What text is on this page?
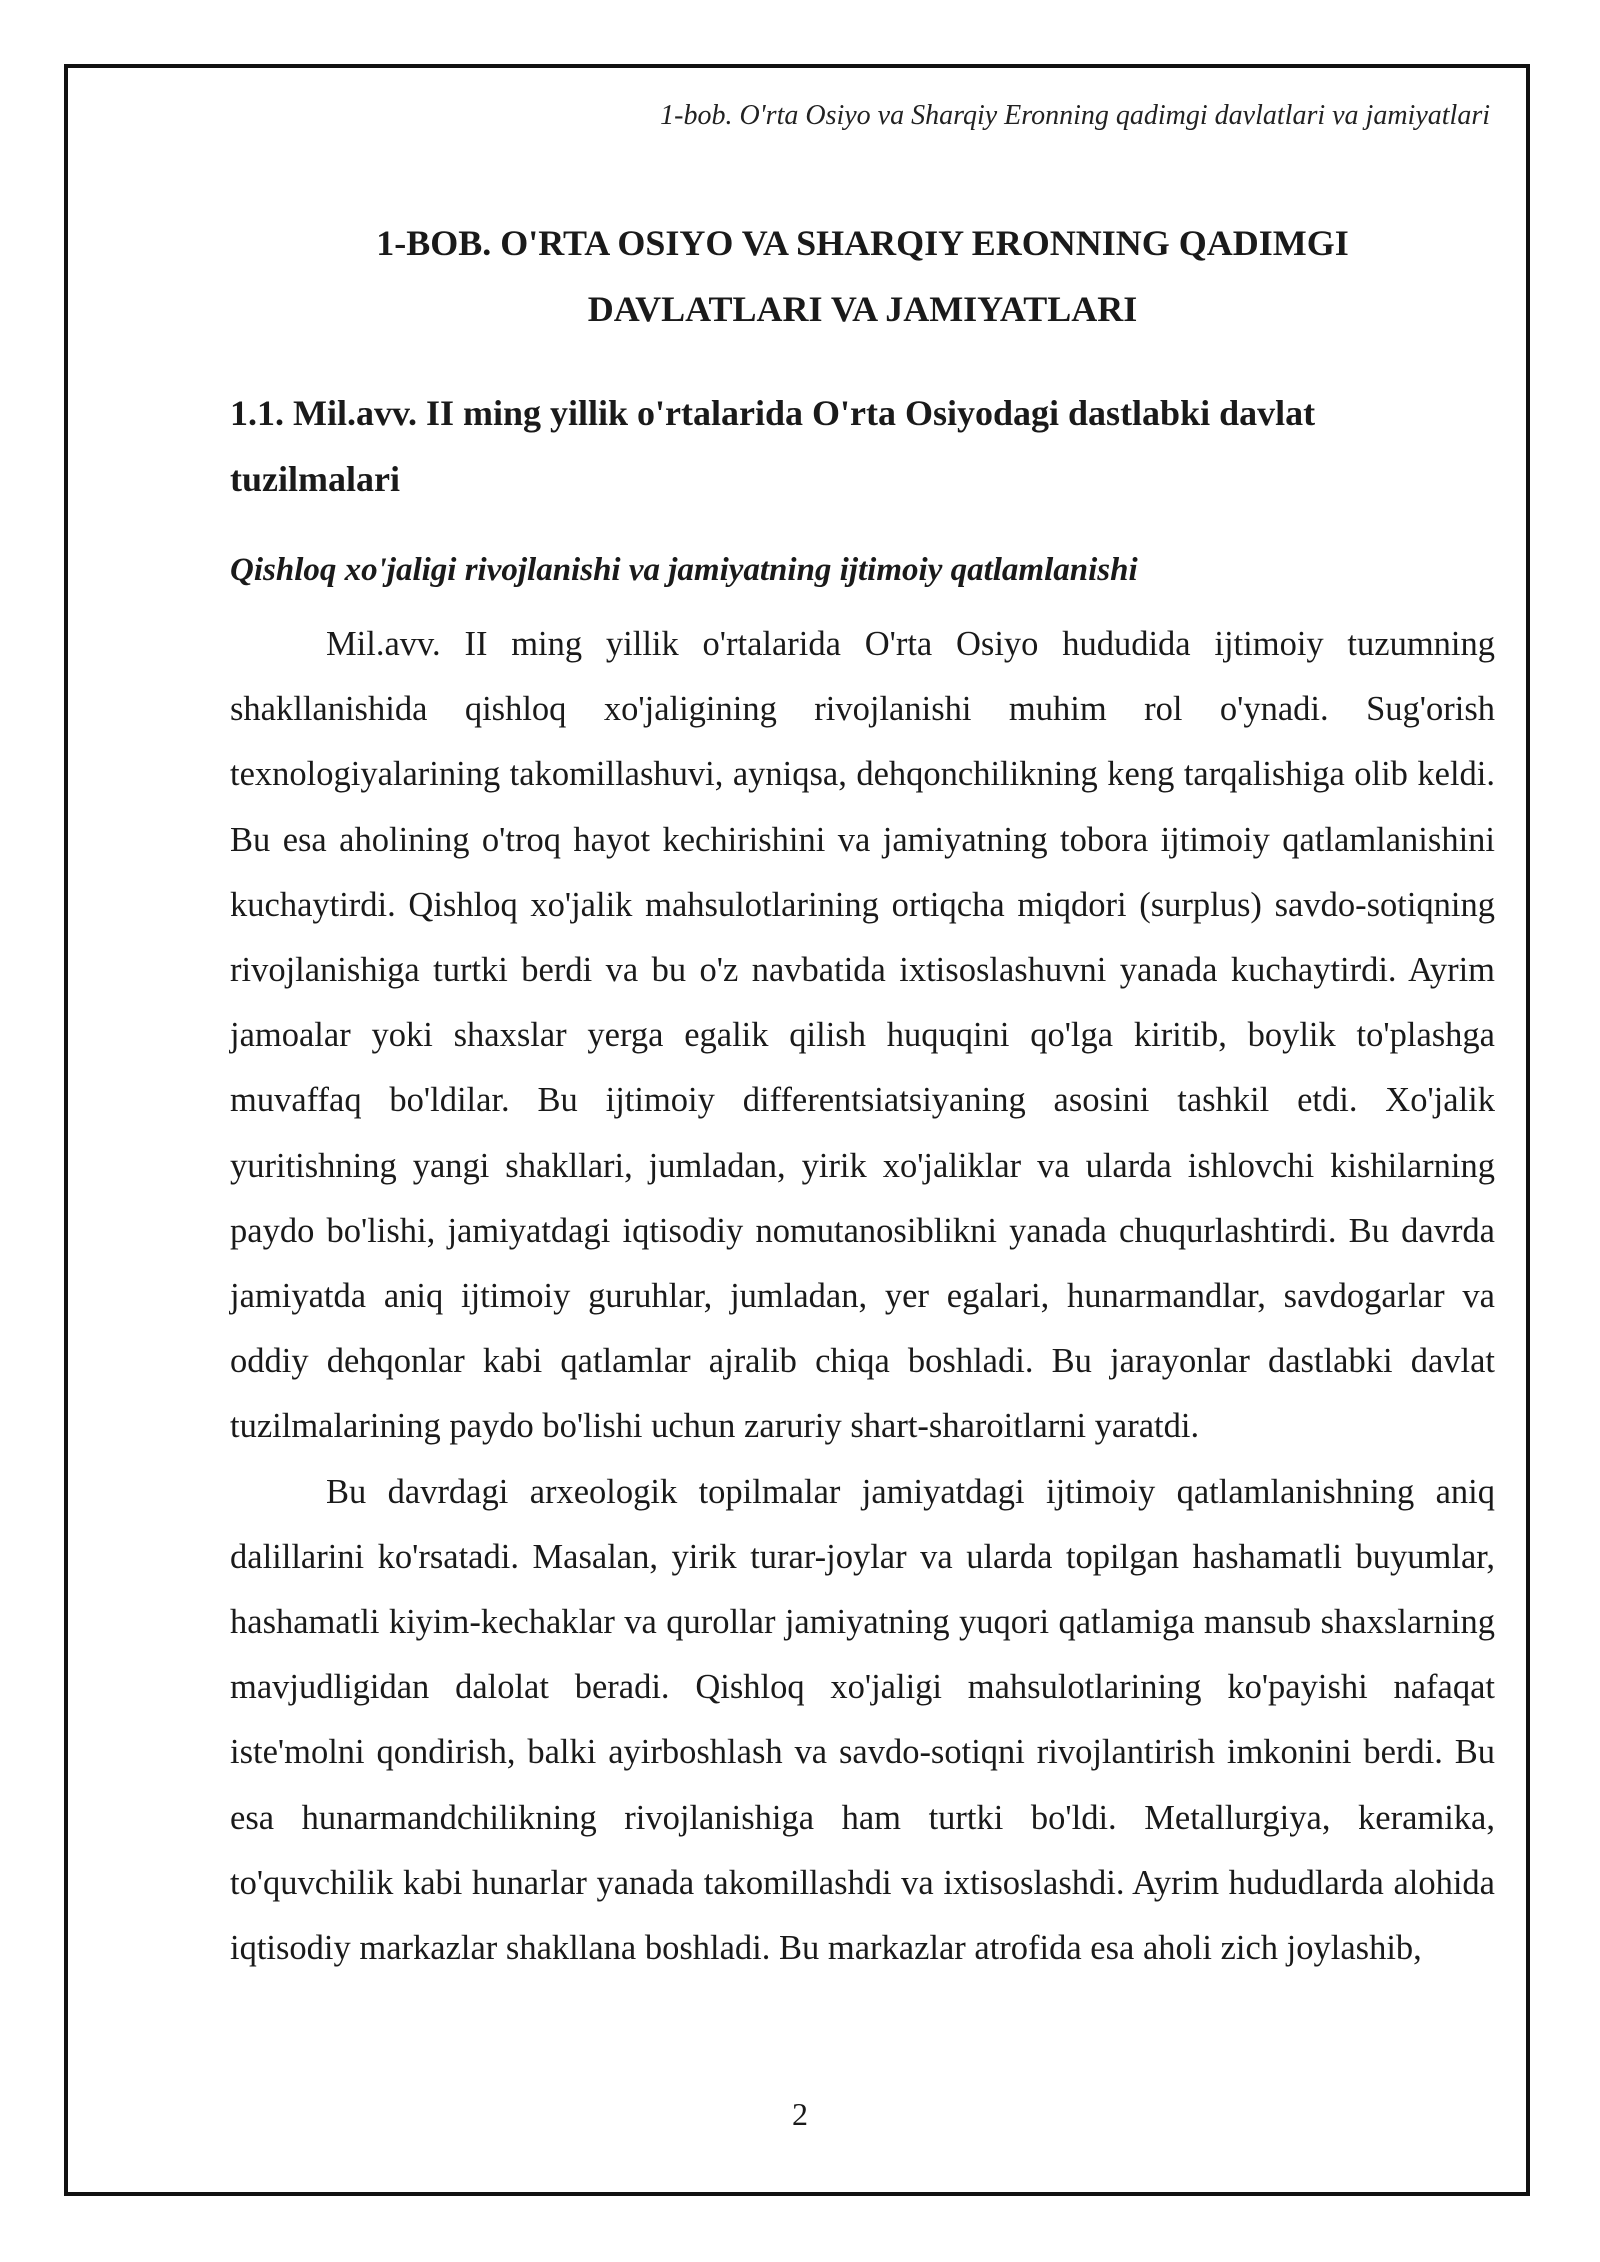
1-bob. O'rta Osiyo va Sharqiy Eronning qadimgi davlatlari va jamiyatlari
1-BOB. O'RTA OSIYO VA SHARQIY ERONNING QADIMGI
DAVLATLARI VA JAMIYATLARI
1.1. Mil.avv. II ming yillik o'rtalarida O'rta Osiyodagi dastlabki davlat
tuzilmalari
Qishloq xo'jaligi rivojlanishi va jamiyatning ijtimoiy qatlamlanishi

Mil.avv. II ming yillik o'rtalarida O'rta Osiyo hududida ijtimoiy tuzumning shakllanishida qishloq xo'jaligining rivojlanishi muhim rol o'ynadi. Sug'orish texnologiyalarining takomillashuvi, ayniqsa, dehqonchilikning keng tarqalishiga olib keldi. Bu esa aholining o'troq hayot kechirishini va jamiyatning tobora ijtimoiy qatlamlanishini kuchaytirdi. Qishloq xo'jalik mahsulotlarining ortiqcha miqdori (surplus) savdo-sotiqning rivojlanishiga turtki berdi va bu o'z navbatida ixtisoslashuvni yanada kuchaytirdi. Ayrim jamoalar yoki shaxslar yerga egalik qilish huquqini qo'lga kiritib, boylik to'plashga muvaffaq bo'ldilar. Bu ijtimoiy differentsiatsiyaning asosini tashkil etdi. Xo'jalik yuritishning yangi shakllari, jumladan, yirik xo'jaliklar va ularda ishlovchi kishilarning paydo bo'lishi, jamiyatdagi iqtisodiy nomutanosiblikni yanada chuqurlashtirdi. Bu davrda jamiyatda aniq ijtimoiy guruhlar, jumladan, yer egalari, hunarmandlar, savdogarlar va oddiy dehqonlar kabi qatlamlar ajralib chiqa boshladi. Bu jarayonlar dastlabki davlat tuzilmalarining paydo bo'lishi uchun zaruriy shart-sharoitlarni yaratdi.

Bu davrdagi arxeologik topilmalar jamiyatdagi ijtimoiy qatlamlanishning aniq dalillarini ko'rsatadi. Masalan, yirik turar-joylar va ularda topilgan hashamatli buyumlar, hashamatli kiyim-kechaklar va qurollar jamiyatning yuqori qatlamiga mansub shaxslarning mavjudligidan dalolat beradi. Qishloq xo'jaligi mahsulotlarining ko'payishi nafaqat iste'molni qondirish, balki ayirboshlash va savdo-sotiqni rivojlantirish imkonini berdi. Bu esa hunarmandchilikning rivojlanishiga ham turtki bo'ldi. Metallurgiya, keramika, to'quvchilik kabi hunarlar yanada takomillashdi va ixtisoslashdi. Ayrim hududlarda alohida iqtisodiy markazlar shakllana boshladi. Bu markazlar atrofida esa aholi zich joylashib,

2
